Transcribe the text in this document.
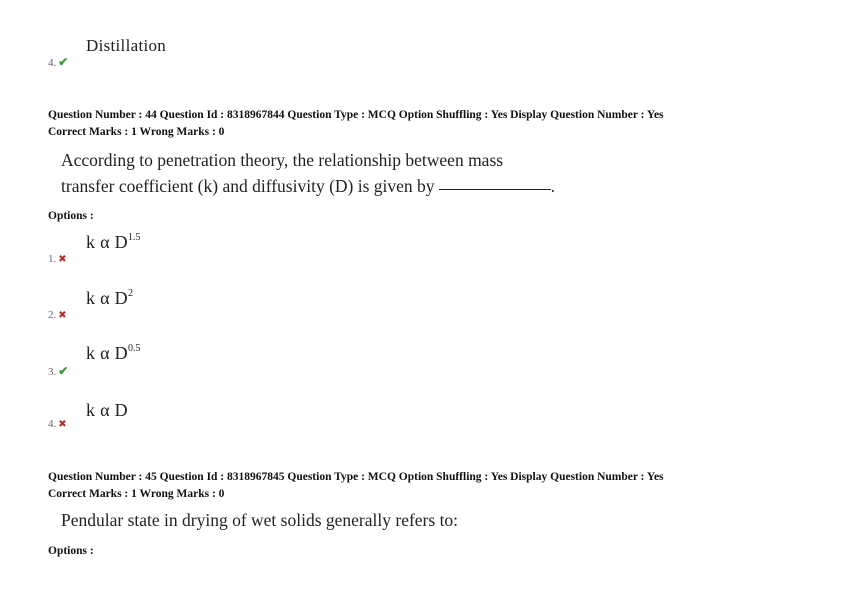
Distillation
4. ✔
Question Number : 44 Question Id : 8318967844 Question Type : MCQ Option Shuffling : Yes Display Question Number : Yes
Correct Marks : 1 Wrong Marks : 0
According to penetration theory, the relationship between mass
transfer coefficient (k) and diffusivity (D) is given by	.
Options :
k α $D^{1.5}$
1. ✖
k α $D^2$
2. ✖
k α $D^{0.5}$
3. ✔
k α D
4. ✖
Question Number : 45 Question Id : 8318967845 Question Type : MCQ Option Shuffling : Yes Display Question Number : Yes
Correct Marks : 1 Wrong Marks : 0
Pendular state in drying of wet solids generally refers to:
Options :
